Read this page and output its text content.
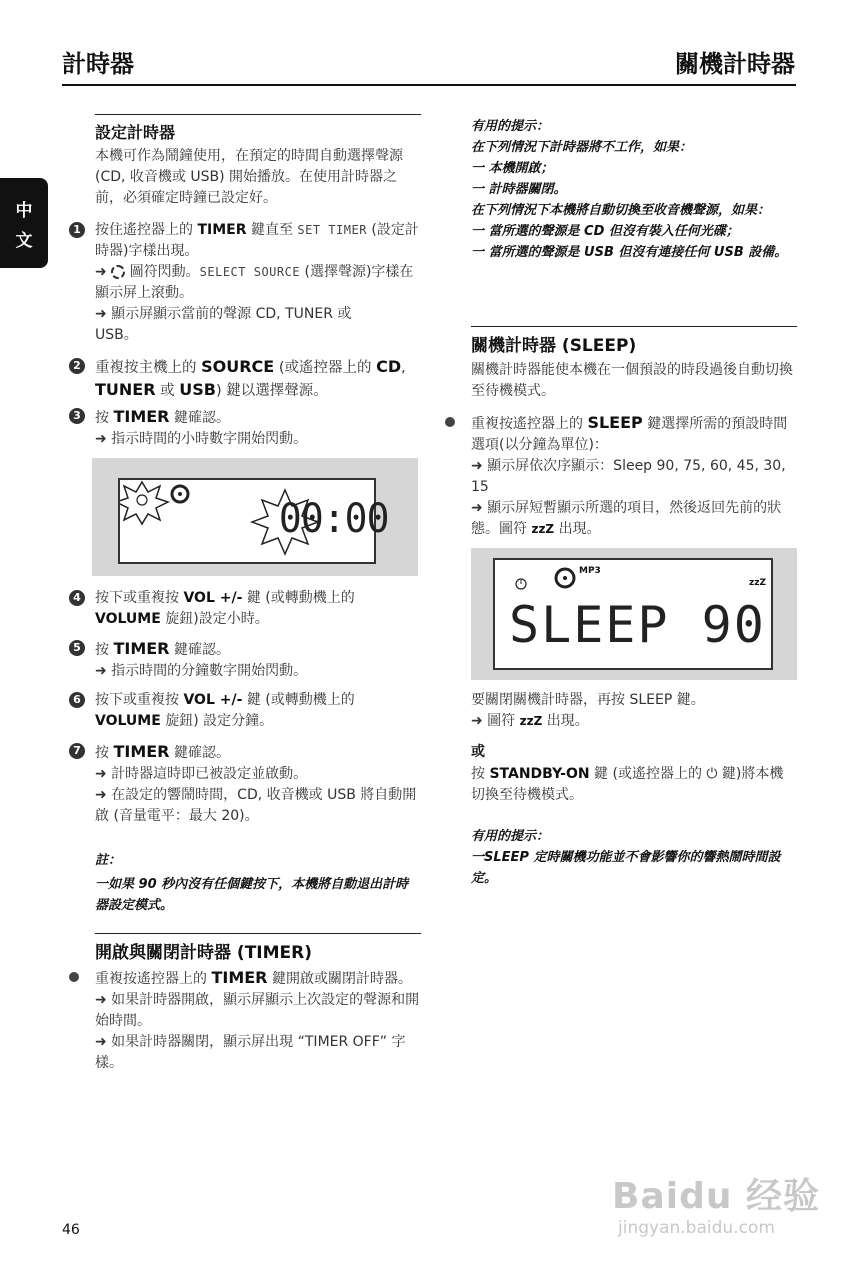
計時器	關機計時器
中
文
設定計時器
本機可作為鬧鐘使用，在預定的時間自動選擇聲源(CD, 收音機或 USB) 開始播放。在使用計時器之前，必須確定時鐘已設定好。
1 按住遙控器上的 TIMER 鍵直至 SET TIMER (設定計時器)字樣出現。
➜  圖符閃動。SELECT SOURCE (選擇聲源)字樣在顯示屏上滾動。
➜ 顯示屏顯示當前的聲源 CD, TUNER 或 USB。
2 重複按主機上的 SOURCE (或遙控器上的 CD, TUNER 或 USB) 鍵以選擇聲源。
3 按 TIMER 鍵確認。
➜ 指示時間的小時數字開始閃動。
00:00
4 按下或重複按 VOL +/- 鍵 (或轉動機上的 VOLUME 旋鈕)設定小時。
5 按 TIMER 鍵確認。
➜ 指示時間的分鐘數字開始閃動。
6 按下或重複按 VOL +/- 鍵 (或轉動機上的 VOLUME 旋鈕) 設定分鐘。
7 按 TIMER 鍵確認。
➜ 計時器這時即已被設定並啟動。
➜ 在設定的響鬧時間，CD, 收音機或 USB 將自動開啟 (音量電平：最大 20)。
註：
一如果 90 秒內沒有任個鍵按下，本機將自動退出計時器設定模式。
開啟與關閉計時器 (TIMER)
重複按遙控器上的 TIMER 鍵開啟或關閉計時器。
➜ 如果計時器開啟，顯示屏顯示上次設定的聲源和開始時間。
➜ 如果計時器關閉，顯示屏出現 “TIMER OFF” 字樣。
有用的提示：
在下列情況下計時器將不工作，如果：
一 本機開啟；
一 計時器關閉。
在下列情況下本機將自動切換至收音機聲源，如果：
一 當所選的聲源是 CD 但沒有裝入任何光碟；
一 當所選的聲源是 USB 但沒有連接任何 USB 設備。
關機計時器 (SLEEP)
關機計時器能使本機在一個預設的時段過後自動切換至待機模式。
重複按遙控器上的 SLEEP 鍵選擇所需的預設時間選項(以分鐘為單位)：
➜ 顯示屏依次序顯示：Sleep 90, 75, 60, 45, 30, 15
➜ 顯示屏短暫顯示所選的項目，然後返回先前的狀態。圖符 zzZ 出現。
MP3
zzZ
SLEEP 90
要關閉關機計時器，再按 SLEEP 鍵。
➜ 圖符 zzZ 出現。
或
按 STANDBY-ON 鍵 (或遙控器上的 ⏻ 鍵)將本機切換至待機模式。
有用的提示：
一SLEEP 定時關機功能並不會影響你的響熱鬧時間設定。
46
Baidu 经验
jingyan.baidu.com
